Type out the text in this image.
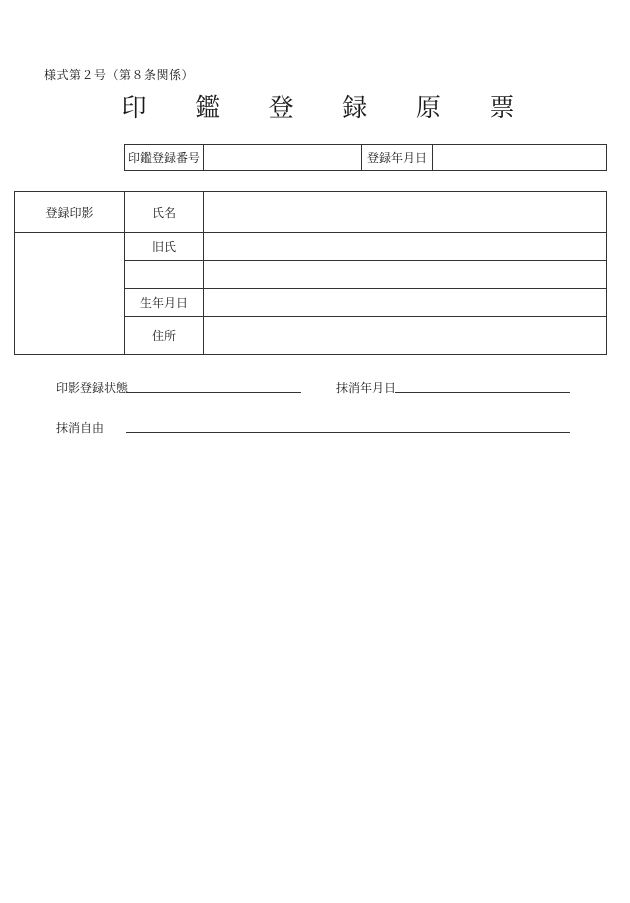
様式第２号（第８条関係）
印 鑑 登 録 原 票
印鑑登録番号		登録年月日	
登録印影	氏名	
	旧氏	

	生年月日	
	住所	
印影登録状態	抹消年月日
抹消自由
